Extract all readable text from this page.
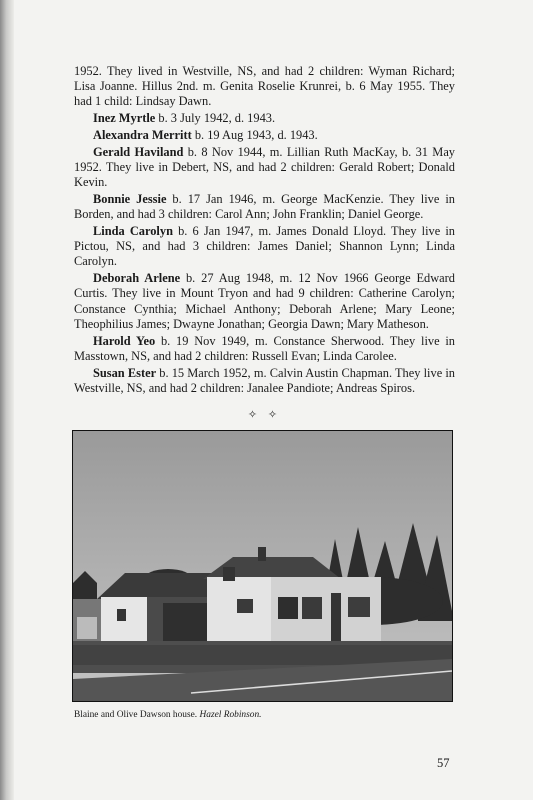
1952. They lived in Westville, NS, and had 2 children: Wyman Richard; Lisa Joanne. Hillus 2nd. m. Genita Roselie Krunrei, b. 6 May 1955. They had 1 child: Lindsay Dawn.

Inez Myrtle b. 3 July 1942, d. 1943.

Alexandra Merritt b. 19 Aug 1943, d. 1943.

Gerald Haviland b. 8 Nov 1944, m. Lillian Ruth MacKay, b. 31 May 1952. They live in Debert, NS, and had 2 children: Gerald Robert; Donald Kevin.

Bonnie Jessie b. 17 Jan 1946, m. George MacKenzie. They live in Borden, and had 3 children: Carol Ann; John Franklin; Daniel George.

Linda Carolyn b. 6 Jan 1947, m. James Donald Lloyd. They live in Pictou, NS, and had 3 children: James Daniel; Shannon Lynn; Linda Carolyn.

Deborah Arlene b. 27 Aug 1948, m. 12 Nov 1966 George Edward Curtis. They live in Mount Tryon and had 9 children: Catherine Carolyn; Constance Cynthia; Michael Anthony; Deborah Arlene; Mary Leone; Theophilius James; Dwayne Jonathan; Georgia Dawn; Mary Matheson.

Harold Yeo b. 19 Nov 1949, m. Constance Sherwood. They live in Masstown, NS, and had 2 children: Russell Evan; Linda Carolee.

Susan Ester b. 15 March 1952, m. Calvin Austin Chapman. They live in Westville, NS, and had 2 children: Janalee Pandiote; Andreas Spiros.

✧ ✧
Blaine and Olive Dawson house. Hazel Robinson.
57
